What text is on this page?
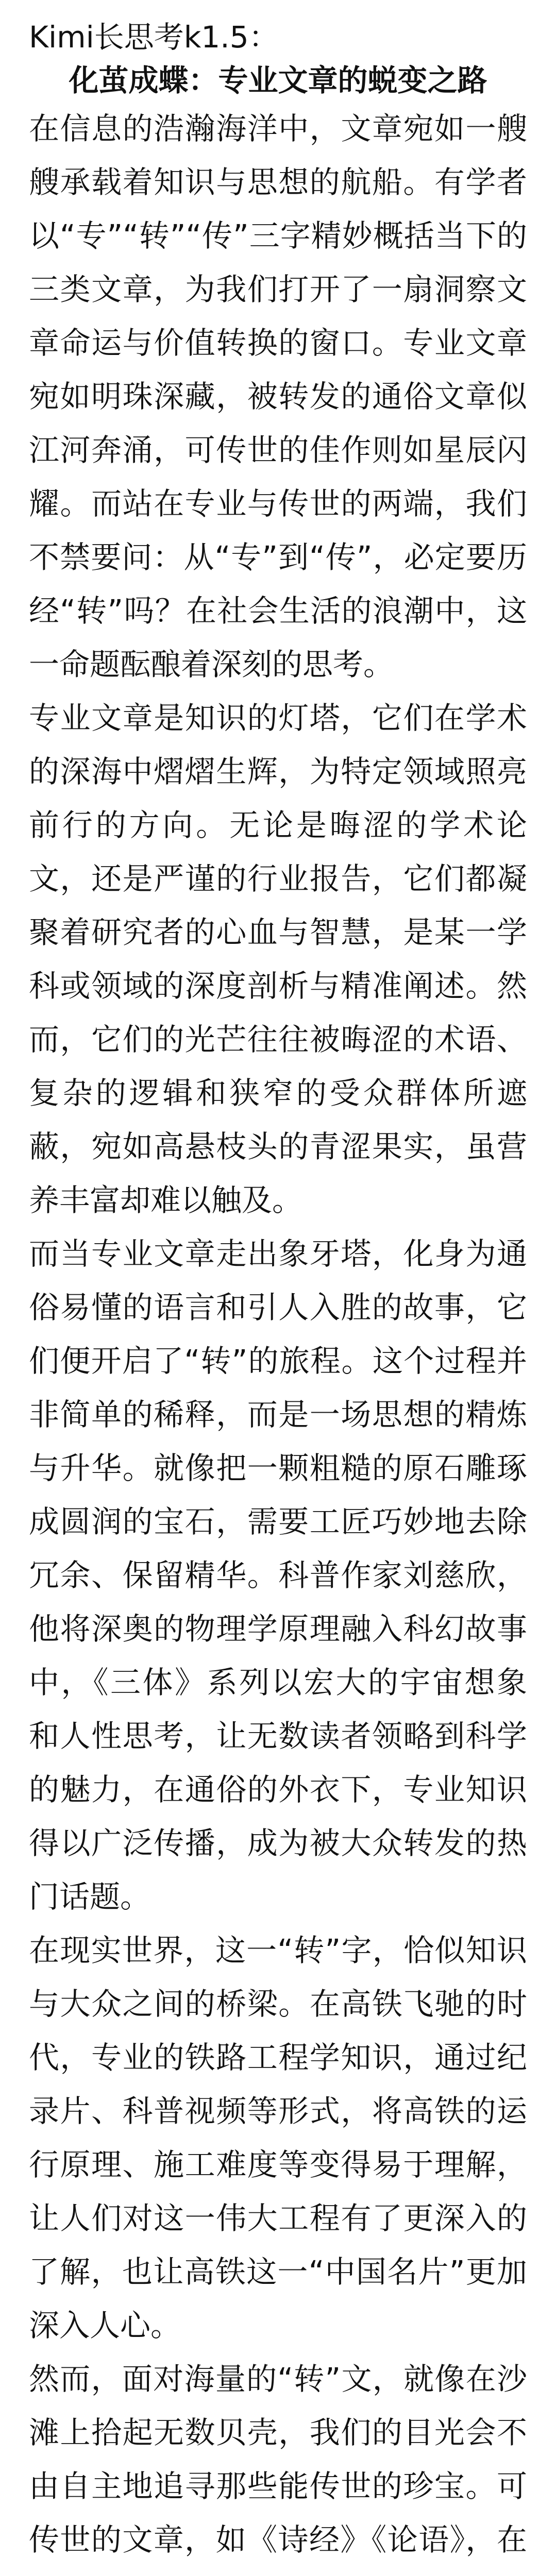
Kimi长思考k1.5：
化茧成蝶：专业文章的蜕变之路

在信息的浩瀚海洋中，文章宛如一艘艘承载着知识与思想的航船。有学者以“专”“转”“传”三字精妙概括当下的三类文章，为我们打开了一扇洞察文章命运与价值转换的窗口。专业文章宛如明珠深藏，被转发的通俗文章似江河奔涌，可传世的佳作则如星辰闪耀。而站在专业与传世的两端，我们不禁要问：从“专”到“传”，必定要历经“转”吗？在社会生活的浪潮中，这一命题酝酿着深刻的思考。

专业文章是知识的灯塔，它们在学术的深海中熠熠生辉，为特定领域照亮前行的方向。无论是晦涩的学术论文，还是严谨的行业报告，它们都凝聚着研究者的心血与智慧，是某一学科或领域的深度剖析与精准阐述。然而，它们的光芒往往被晦涩的术语、复杂的逻辑和狭窄的受众群体所遮蔽，宛如高悬枝头的青涩果实，虽营养丰富却难以触及。

而当专业文章走出象牙塔，化身为通俗易懂的语言和引人入胜的故事，它们便开启了“转”的旅程。这个过程并非简单的稀释，而是一场思想的精炼与升华。就像把一颗粗糙的原石雕琢成圆润的宝石，需要工匠巧妙地去除冗余、保留精华。科普作家刘慈欣，他将深奥的物理学原理融入科幻故事中，《三体》系列以宏大的宇宙想象和人性思考，让无数读者领略到科学的魅力，在通俗的外衣下，专业知识得以广泛传播，成为被大众转发的热门话题。

在现实世界，这一“转”字，恰似知识与大众之间的桥梁。在高铁飞驰的时代，专业的铁路工程学知识，通过纪录片、科普视频等形式，将高铁的运行原理、施工难度等变得易于理解，让人们对这一伟大工程有了更深入的了解，也让高铁这一“中国名片”更加深入人心。

然而，面对海量的“转”文，就像在沙滩上拾起无数贝壳，我们的目光会不由自主地追寻那些能传世的珍宝。可传世的文章，如《诗经》《论语》，在
